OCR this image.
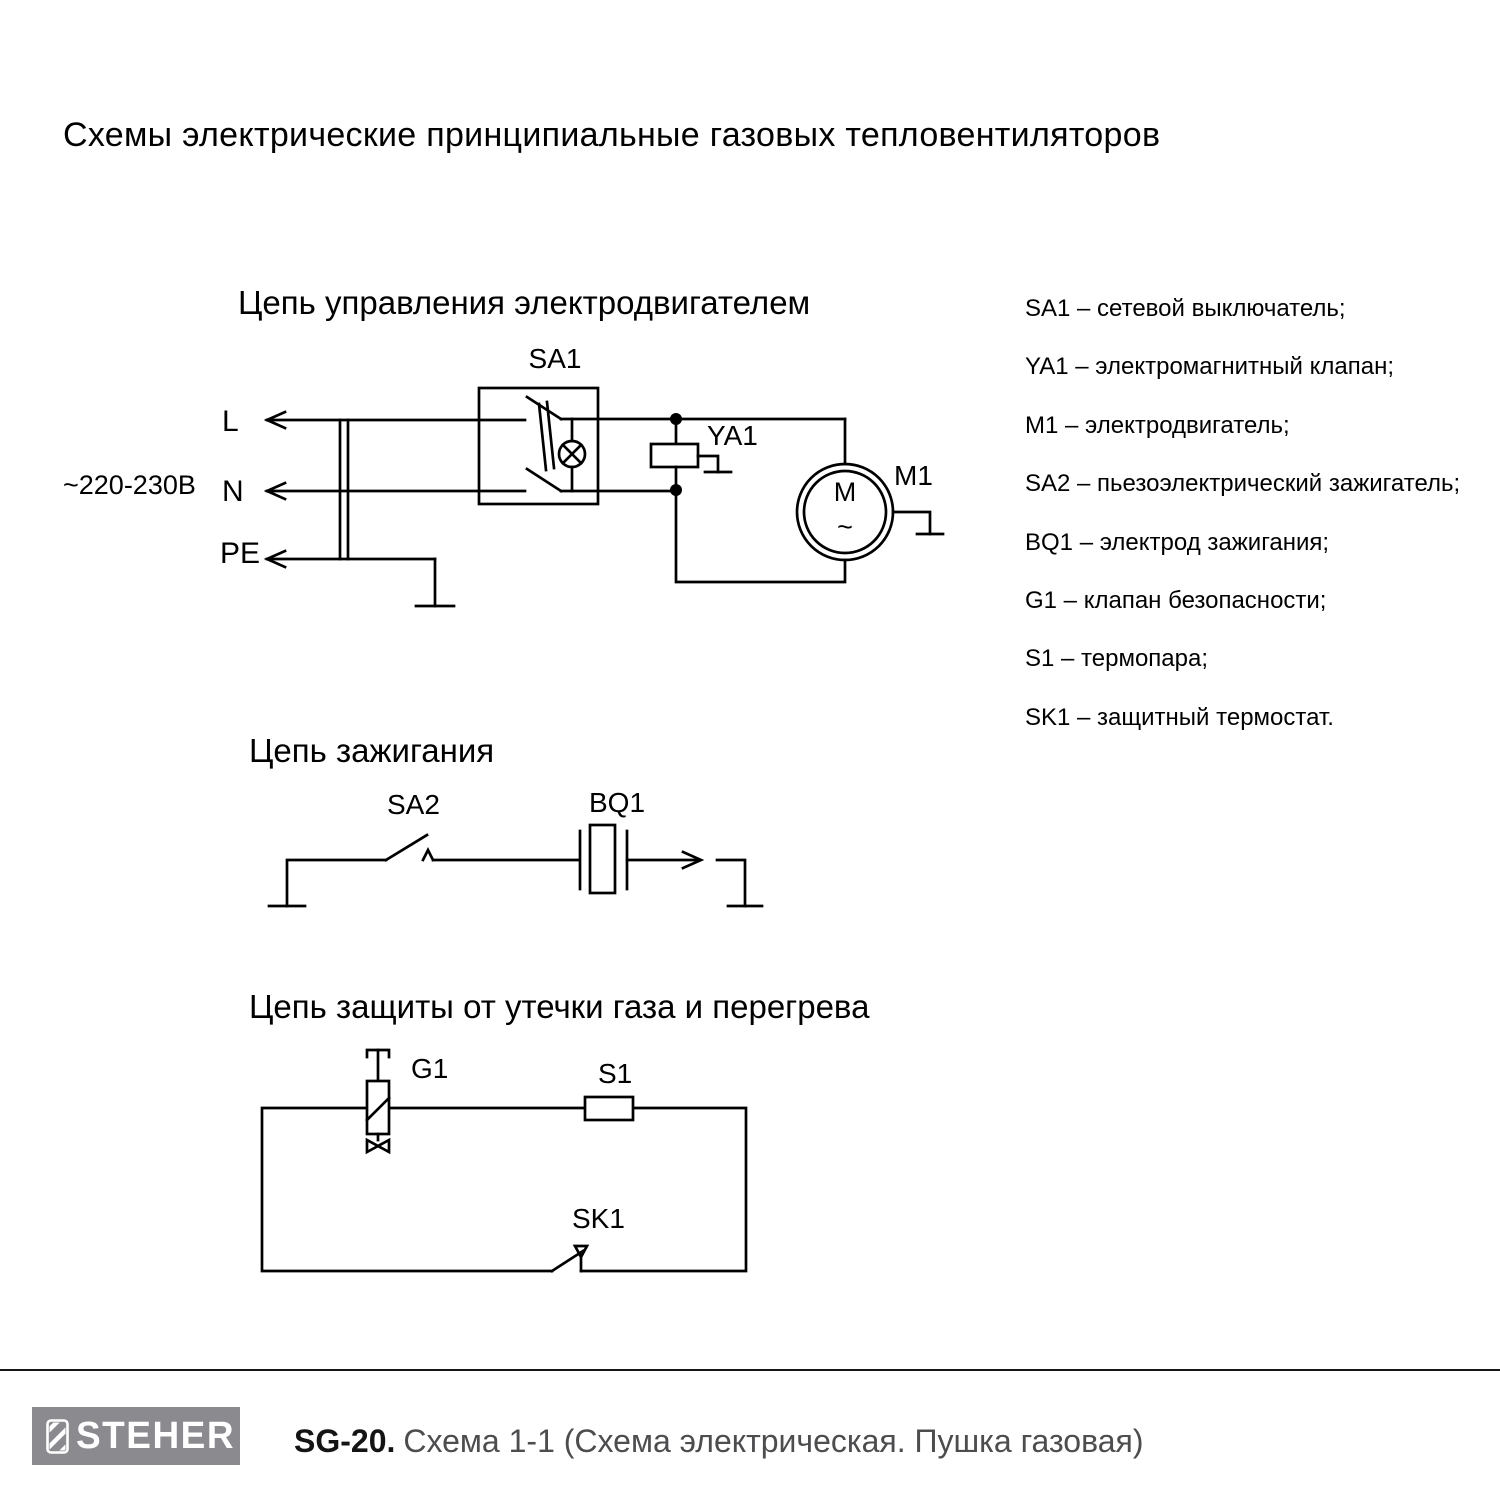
Схемы электрические принципиальные газовых тепловентиляторов
Цепь управления электродвигателем
Цепь зажигания
Цепь защиты от утечки газа и перегрева
~220-230В
L
N
PE
SA1
YA1
M1
M
~
SA2	BQ1
G1	S1
SK1
SA1 – сетевой выключатель;
YA1 – электромагнитный клапан;
M1 – электродвигатель;
SA2 – пьезоэлектрический зажигатель;
BQ1 – электрод зажигания;
G1 – клапан безопасности;
S1 – термопара;
SK1 – защитный термостат.
STEHER SG-20. Схема 1-1 (Схема электрическая. Пушка газовая)
